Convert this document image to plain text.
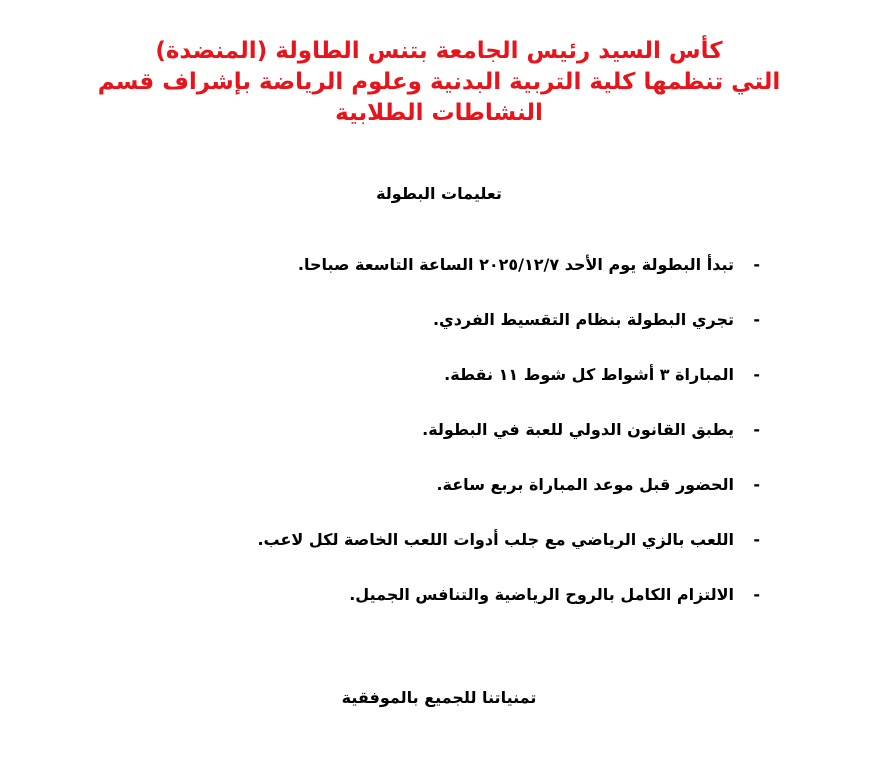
كأس السيد رئيس الجامعة بتنس الطاولة (المنضدة)
التي تنظمها كلية التربية البدنية وعلوم الرياضة بإشراف قسم
النشاطات الطلابية
تعليمات البطولة
-
تبدأ البطولة يوم الأحد ٢٠٢٥/١٢/٧ الساعة التاسعة صباحا.
-
تجري البطولة بنظام التقسيط الفردي.
-
المباراة ٣ أشواط كل شوط ١١ نقطة.
-
يطبق القانون الدولي للعبة في البطولة.
-
الحضور قبل موعد المباراة بربع ساعة.
-
اللعب بالزي الرياضي مع جلب أدوات اللعب الخاصة لكل لاعب.
-
الالتزام الكامل بالروح الرياضية والتنافس الجميل.

تمنياتنا للجميع بالموفقية
